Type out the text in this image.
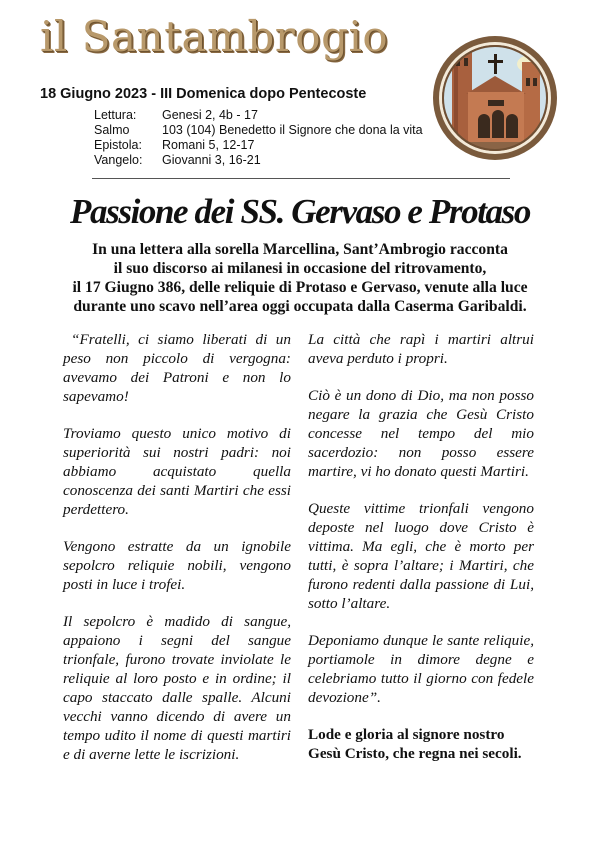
il Santambrogio
18 Giugno 2023 - III Domenica dopo Pentecoste
Lettura:	Genesi 2, 4b - 17
Salmo	103 (104) Benedetto il Signore che dona la vita
Epistola:	Romani 5, 12-17
Vangelo:	Giovanni 3, 16-21
Passione dei SS. Gervaso e Protaso
In una lettera alla sorella Marcellina, Sant’Ambrogio racconta
il suo discorso ai milanesi in occasione del ritrovamento,
il 17 Giugno 386, delle reliquie di Protaso e Gervaso, venute alla luce
durante uno scavo nell’area oggi occupata dalla Caserma Garibaldi.

“Fratelli, ci siamo liberati di un peso non piccolo di vergogna: avevamo dei Patroni e non lo sapevamo!

Troviamo questo unico motivo di superiorità sui nostri padri: noi abbiamo acquistato quella conoscenza dei santi Martiri che essi perdettero.

Vengono estratte da un ignobile sepolcro reliquie nobili, vengono posti in luce i trofei.

Il sepolcro è madido di sangue, appaiono i segni del sangue trionfale, furono trovate inviolate le reliquie al loro posto e in ordine; il capo staccato dalle spalle. Alcuni vecchi vanno dicendo di avere un tempo udito il nome di questi martiri e di averne lette le iscrizioni.

La città che rapì i martiri altrui aveva perduto i propri.

Ciò è un dono di Dio, ma non posso negare la grazia che Gesù Cristo concesse nel tempo del mio sacerdozio: non posso essere martire, vi ho donato questi Martiri.

Queste vittime trionfali vengono deposte nel luogo dove Cristo è vittima. Ma egli, che è morto per tutti, è sopra l’altare; i Martiri, che furono redenti dalla passione di Lui, sotto l’altare.

Deponiamo dunque le sante reliquie, portiamole in dimore degne e celebriamo tutto il giorno con fedele devozione”.

Lode e gloria al signore nostro Gesù Cristo, che regna nei secoli.
